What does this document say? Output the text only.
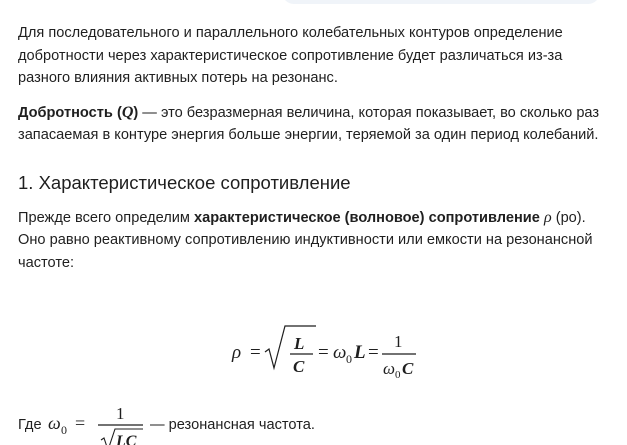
Для последовательного и параллельного колебательных контуров определение добротности через характеристическое сопротивление будет различаться из-за разного влияния активных потерь на резонанс.

Добротность (Q) — это безразмерная величина, которая показывает, во сколько раз запасаемая в контуре энергия больше энергии, теряемой за один период колебаний.

1. Характеристическое сопротивление

Прежде всего определим характеристическое (волновое) сопротивление ρ (ро). Оно равно реактивному сопротивлению индуктивности или емкости на резонансной частоте:

ρ = L
C
= ω 0 L =
1
ω 0 C
Где ω 0 = 1
LC
— резонансная частота.
